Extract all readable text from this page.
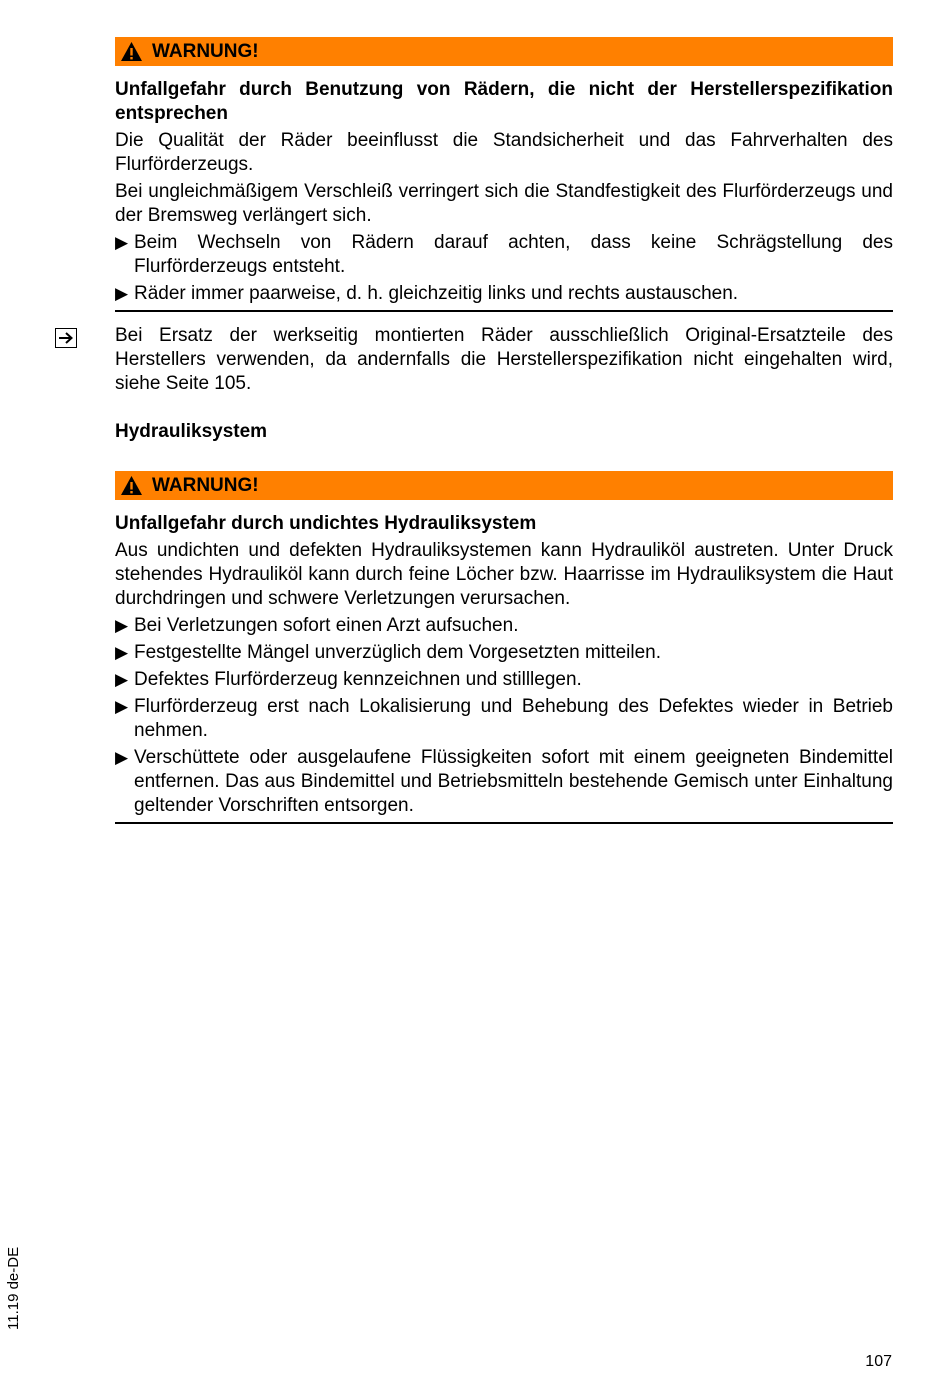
WARNUNG!
Unfallgefahr durch Benutzung von Rädern, die nicht der Herstellerspezifikation entsprechen

Die Qualität der Räder beeinflusst die Standsicherheit und das Fahrverhalten des Flurförderzeugs.

Bei ungleichmäßigem Verschleiß verringert sich die Standfestigkeit des Flurförderzeugs und der Bremsweg verlängert sich.

▶ Beim Wechseln von Rädern darauf achten, dass keine Schrägstellung des Flurförderzeugs entsteht.
▶ Räder immer paarweise, d. h. gleichzeitig links und rechts austauschen.

Bei Ersatz der werkseitig montierten Räder ausschließlich Original-Ersatzteile des Herstellers verwenden, da andernfalls die Herstellerspezifikation nicht eingehalten wird, siehe Seite 105.

Hydrauliksystem
WARNUNG!
Unfallgefahr durch undichtes Hydrauliksystem

Aus undichten und defekten Hydrauliksystemen kann Hydrauliköl austreten. Unter Druck stehendes Hydrauliköl kann durch feine Löcher bzw. Haarrisse im Hydrauliksystem die Haut durchdringen und schwere Verletzungen verursachen.

▶ Bei Verletzungen sofort einen Arzt aufsuchen.
▶ Festgestellte Mängel unverzüglich dem Vorgesetzten mitteilen.
▶ Defektes Flurförderzeug kennzeichnen und stilllegen.
▶ Flurförderzeug erst nach Lokalisierung und Behebung des Defektes wieder in Betrieb nehmen.
▶ Verschüttete oder ausgelaufene Flüssigkeiten sofort mit einem geeigneten Bindemittel entfernen. Das aus Bindemittel und Betriebsmitteln bestehende Gemisch unter Einhaltung geltender Vorschriften entsorgen.
11.19 de-DE
107
